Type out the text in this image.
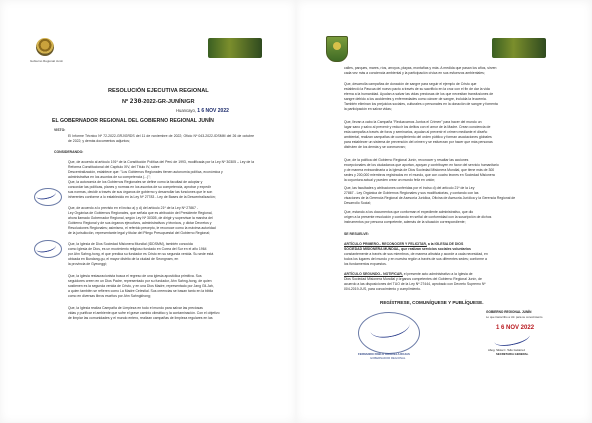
Gobierno Regional Junín
RESOLUCIÓN EJECUTIVA REGIONAL
Nº 230-2022-GR-JUNÍN/GR
Huancayo, 1 6 NOV 2022
EL GOBERNADOR REGIONAL DEL GOBIERNO REGIONAL JUNÍN
VISTO:
El Informe Técnico Nº 72-2022-GRJ/GRDS del 11 de noviembre de 2022; Oficio Nº 043-2022-IDSMM del 26 de octubre de 2022; y demás documentos adjuntos;
CONSIDERANDO:
Que, de acuerdo al artículo 191º de la Constitución Política del Perú de 1993, modificada por la Ley Nº 30305 – Ley de la Reforma Constitucional del Capítulo XIV, del Título IV, sobre
Descentralización, establece que: "Los Gobiernos Regionales tienen autonomía política, económica y
administrativa en los asuntos de su competencia (...)";
Que, la autonomía de los Gobiernos Regionales se define como la facultad de adoptar y
concordar las políticas, planes y normas en los asuntos de su competencia, aprobar y expedir
sus normas, decidir a través de sus órganos de gobierno y desarrollar las funciones que le son
inherentes conforme a lo establecido en la Ley Nº 27783 - Ley de Bases de la Descentralización;
Que, de acuerdo a lo previsto en el inciso a) y d) del artículo 21º de la Ley Nº 27867 -
Ley Orgánica de Gobiernos Regionales, que señala que es atribución del Presidente Regional,
ahora llamado Gobernador Regional, según Ley Nº 30305, de dirigir y supervisar la marcha del
Gobierno Regional y de sus órganos ejecutivos, administrativos y técnicos, y dictar Decretos y
Resoluciones Regionales; asimismo, el referido precepto, le reconoce como la máxima autoridad
de la jurisdicción, representante legal y titular del Pliego Presupuestal del Gobierno Regional;
Que, la Iglesia de Dios Sociedad Misionera Mundial (IDDSMM), también conocida
como Iglesia de Dios, es un movimiento religioso fundado en Corea del Sur en el año 1964
por Ahn Sahng-hong, el que predica su fundador es Cristo en su segunda venida. Su sede está
ubicada en Bundang-gu, el mayor distrito de la ciudad de Seongnam, en
la provincia de Gyeonggi;
Que, la iglesia restauracionista busca el regreso de una iglesia apostólica primitiva. Sus
seguidores creen en un Dios Padre, representado por su fundador, Ahn Sahng-hong, de quien
sostienen es la segunda venida de Cristo, y en una Dios Madre, representado por Jang Gil-Jah,
a quien también se refieren como La Madre Celestial. Sus creencias se basan tanto en la biblia
como en diversas libros escritos por Ahn Sahngkhong;
Que, la Iglesia realiza Campaña de Limpieza en todo el mundo para salvar las preciosas
vidas y purificar el ambiente que sufre el grave cambio climático y la contaminación. Con el objetivo
de limpiar las comunidades y el mundo entero, realizan campañas de limpieza regulares en las
calles, parques, mares, ríos, arroyos, playas, montañas y más. A medida que pasan los años, sirven
cada vez más a conciencia ambiental y la participación cívica en sus esfuerzos ambientales;
Que, desarrolla campañas de donación de sangre para seguir el ejemplo de Cristo que
estableció la Pascua del nuevo pacto a través de su sacrificio en la cruz con el fin de dar la vida
eterna a la humanidad. Ayudan a salvar las vidas preciosas de los que necesitan transfusiones de
sangre debido a los accidentes y enfermedades como cáncer de sangre, incluida la leucemia.
También eliminan los prejuicios sociales, culturales o personales en la donación de sangre y fomenta
la participación en salvar vidas;
Que, llevan a cabo la Campaña "Reduzcamos Juntos el Crimen" para hacer del mundo un
lugar sano y salvo al prevenir y reducir los delitos con el amor de la Madre. Crean conciencia de
esta campaña a través de foros y seminarios, ayudan al prevenir el crimen mediante el diseño
ambiental, realizan campañas de cumplimiento del orden público y forman asociaciones globales
para establecer un sistema de prevención del crimen y se esfuerzan por hacer que más personas
disfruten de los demás y se conmuevan;
Que, de la política del Gobierno Regional Junín, reconocer y resaltar las acciones
excepcionales de los ciudadanos que aportan, apoyan y contribuyen en favor del servicio humanitario
y de manera extraordinaria a la Iglesia de Dios Sociedad Misionera Mundial, que tiene más de 300
sedes y 200,000 miembros registrados en el mundo, que con cuatro leones en Sociedad Misionera
la coyuntura actual y pueden crear un mundo feliz en unión;
Que, las facultades y atribuciones conferidas por el inciso d) del artículo 21º de la Ley
27867 - Ley Orgánica de Gobiernos Regionales y sus modificatorias, y contando con las
visaciones de la Gerencia Regional de Asesoría Jurídica, Oficina de Asesoría Jurídica y la Gerencia Regional de
Desarrollo Social;
Que, estando a los documentos que conforman el expediente administrativo, que dio
origen a la presente resolución y contando en señal de conformidad con la suscripción de dichos
instrumentos por persona competente, además de la situación correspondiente;
SE RESUELVE:
ARTÍCULO PRIMERO.- RECONOCER Y FELICITAR, a la IGLESIA DE DIOS
SOCIEDAD MISIONERA MUNDIAL, que realizan servicios sociales voluntarios
constantemente a través de sus miembros, de manera altruista y acorde a cada necesidad, en
todos los lugares del mundo y en nuestra región a través de sus diferentes sedes; conforme a
los fundamentos expuestos.
ARTÍCULO SEGUNDO.- NOTIFICAR, el presente acto administrativo a la Iglesia de
Dios Sociedad Misionera Mundial y órganos competentes del Gobierno Regional Junín, de
acuerdo a las disposiciones del TUO de la Ley Nº 27444, aprobado con Decreto Supremo Nº
004-2019-JUS, para conocimiento y cumplimiento.
REGÍSTRESE, COMUNÍQUESE Y PUBLÍQUESE.
FERNANDO PABLO ORIHUELA ROJAS
GOBERNADOR REGIONAL
GOBIERNO REGIONAL JUNÍN
Lo que transcribo a Ud. para su conocimiento
1 6 NOV 2022
Abog. Silvia C. Tello Gutiérrez
SECRETARIA GENERAL
